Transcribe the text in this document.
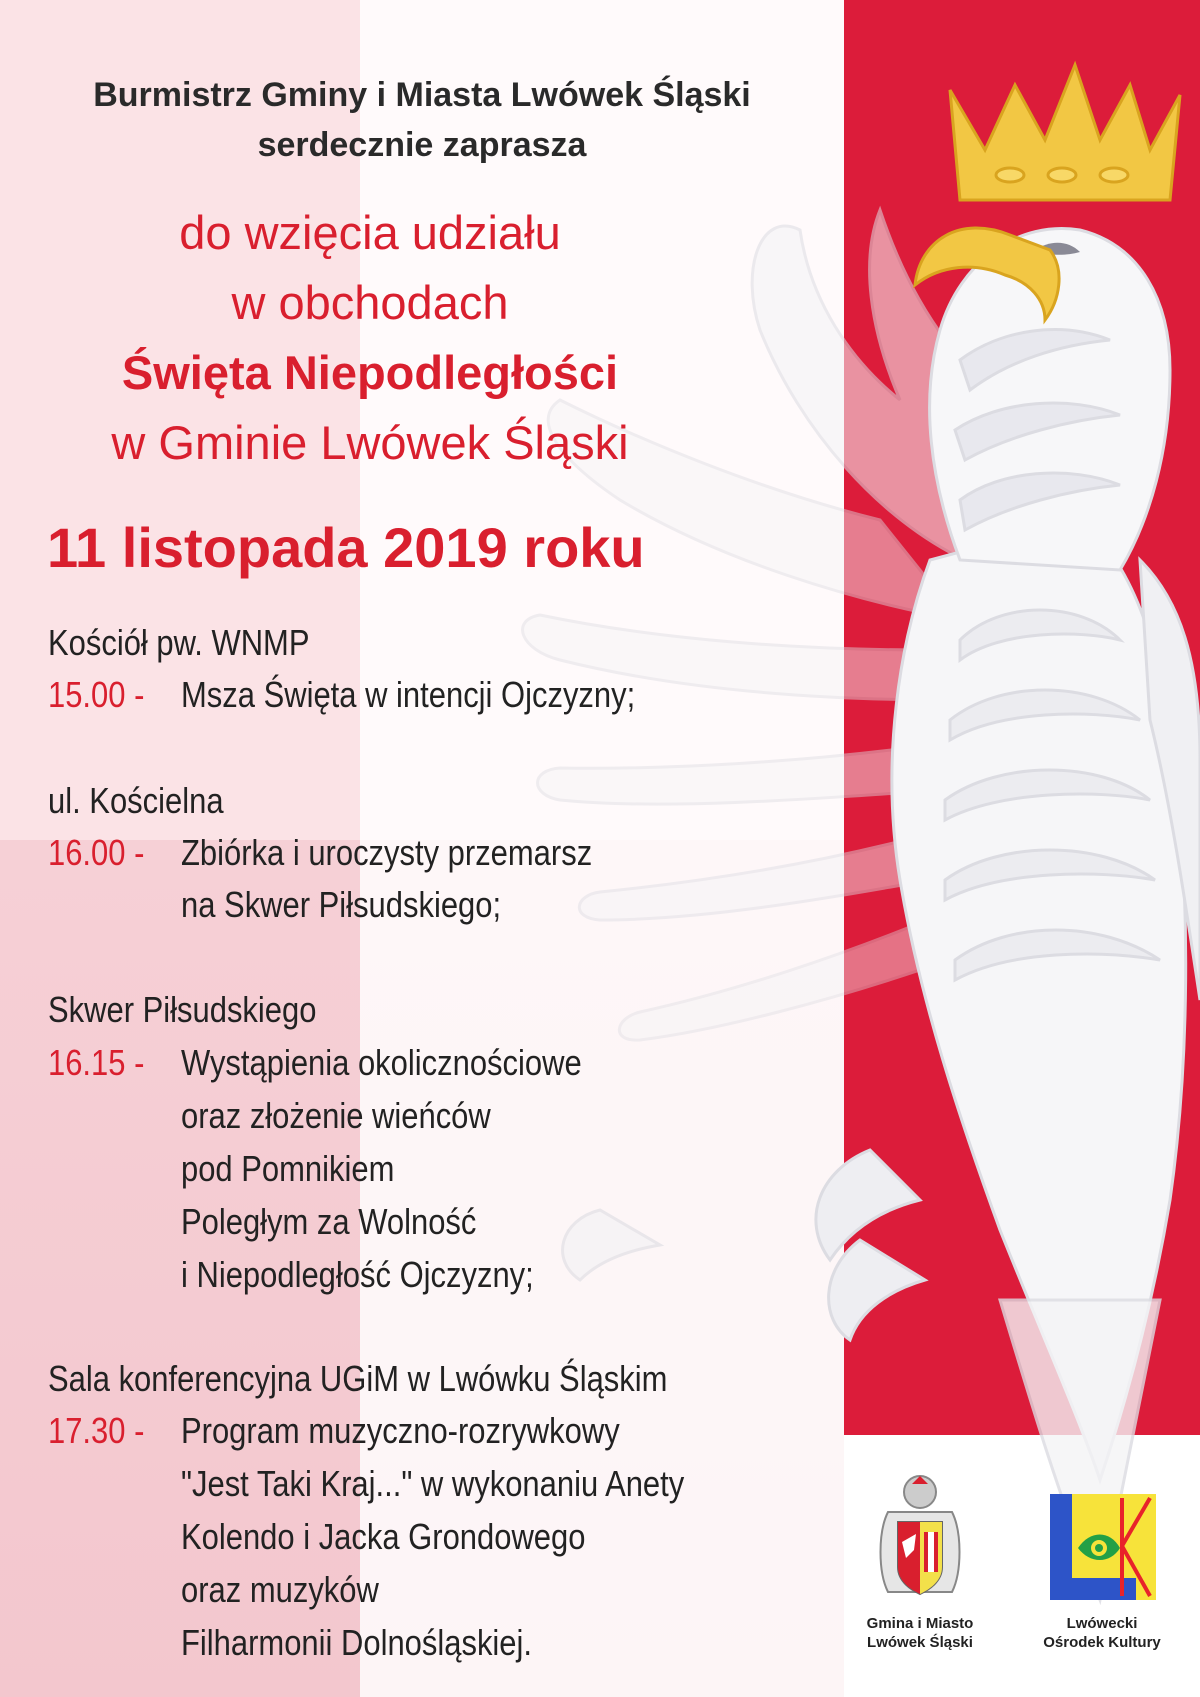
Burmistrz Gminy i Miasta Lwówek Śląski
serdecznie zaprasza
do wzięcia udziału
w obchodach
Święta Niepodległości
w Gminie Lwówek Śląski
11 listopada 2019 roku
Kościół pw. WNMP
15.00 - Msza Święta w intencji Ojczyzny;
ul. Kościelna
16.00 - Zbiórka i uroczysty przemarsz
na Skwer Piłsudskiego;
Skwer Piłsudskiego
16.15 - Wystąpienia okolicznościowe
oraz złożenie wieńców
pod Pomnikiem
Poległym za Wolność
i Niepodległość Ojczyzny;
Sala konferencyjna UGiM w Lwówku Śląskim
17.30 - Program muzyczno-rozrywkowy
"Jest Taki Kraj..." w wykonaniu Anety
Kolendo i Jacka Grondowego
oraz muzyków
Filharmonii Dolnośląskiej.	Gmina i Miasto
Lwówek Śląski
Lwówecki
Ośrodek Kultury
